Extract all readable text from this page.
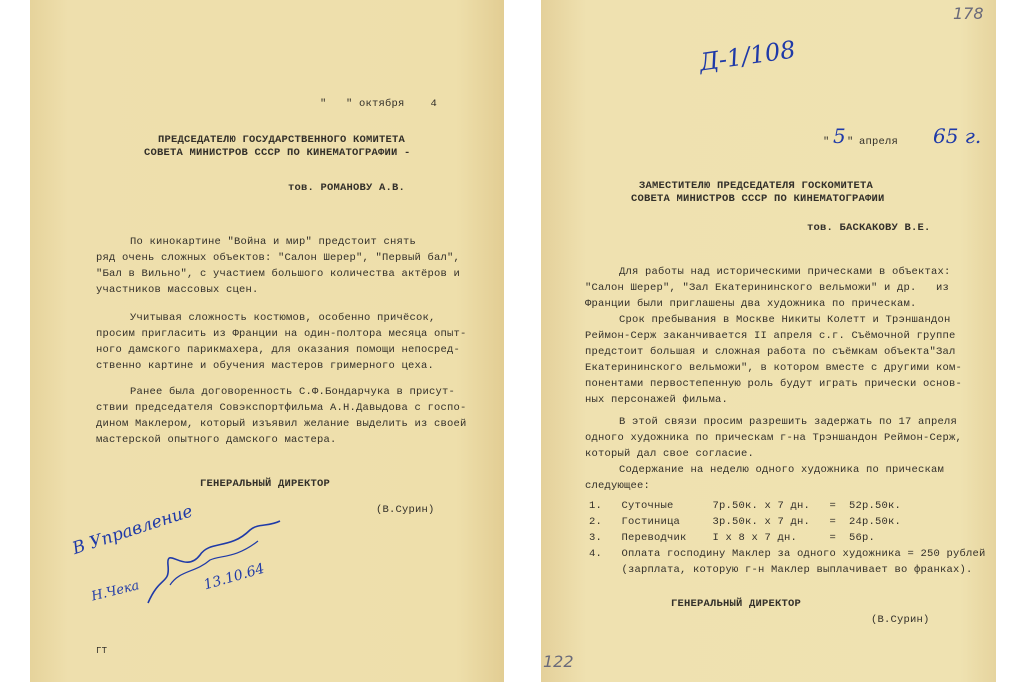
"   " октября    4
ПРЕДСЕДАТЕЛЮ ГОСУДАРСТВЕННОГО КОМИТЕТА
СОВЕТА МИНИСТРОВ СССР ПО КИНЕМАТОГРАФИИ -
тов. РОМАНОВУ А.В.
По кинокартине "Война и мир" предстоит снять
ряд очень сложных объектов: "Салон Шерер", "Первый бал",
"Бал в Вильно", с участием большого количества актёров и
участников массовых сцен.
Учитывая сложность костюмов, особенно причёсок,
просим пригласить из Франции на один-полтора месяца опыт-
ного дамского парикмахера, для оказания помощи непосред-
ственно картине и обучения мастеров гримерного цеха.
Ранее была договоренность С.Ф.Бондарчука в присут-
ствии председателя Совэкспортфильма А.Н.Давыдова с госпо-
дином Маклером, который изъявил желание выделить из своей
мастерской опытного дамского мастера.
ГЕНЕРАЛЬНЫЙ ДИРЕКТОР
(В.Сурин)
В Управление
Н.Чека	13.10.64
ГТ
178
Д-1/108
" 5 " апреля 65 г.
ЗАМЕСТИТЕЛЮ ПРЕДСЕДАТЕЛЯ ГОСКОМИТЕТА
СОВЕТА МИНИСТРОВ СССР ПО КИНЕМАТОГРАФИИ
тов. БАСКАКОВУ В.Е.
Для работы над историческими прическами в объектах:
"Салон Шерер", "Зал Екатерининского вельможи" и др.   из
Франции были приглашены два художника по прическам.
Срок пребывания в Москве Никиты Колетт и Трэншандон
Реймон-Серж заканчивается II апреля с.г. Съёмочной группе
предстоит большая и сложная работа по съёмкам объекта"Зал
Екатерининского вельможи", в котором вместе с другими ком-
понентами первостепенную роль будут играть прически основ-
ных персонажей фильма.
В этой связи просим разрешить задержать по 17 апреля
одного художника по прическам г-на Трэншандон Реймон-Серж,
который дал свое согласие.
Содержание на неделю одного художника по прическам
следующее:
1.   Суточные      7р.50к. х 7 дн.   =  52р.50к.
2.   Гостиница     3р.50к. х 7 дн.   =  24р.50к.
3.   Переводчик    I х 8 х 7 дн.     =  56р.
4.   Оплата господину Маклер за одного художника = 250 рублей
(зарплата, которую г-н Маклер выплачивает во франках).
ГЕНЕРАЛЬНЫЙ ДИРЕКТОР
(В.Сурин)
122
